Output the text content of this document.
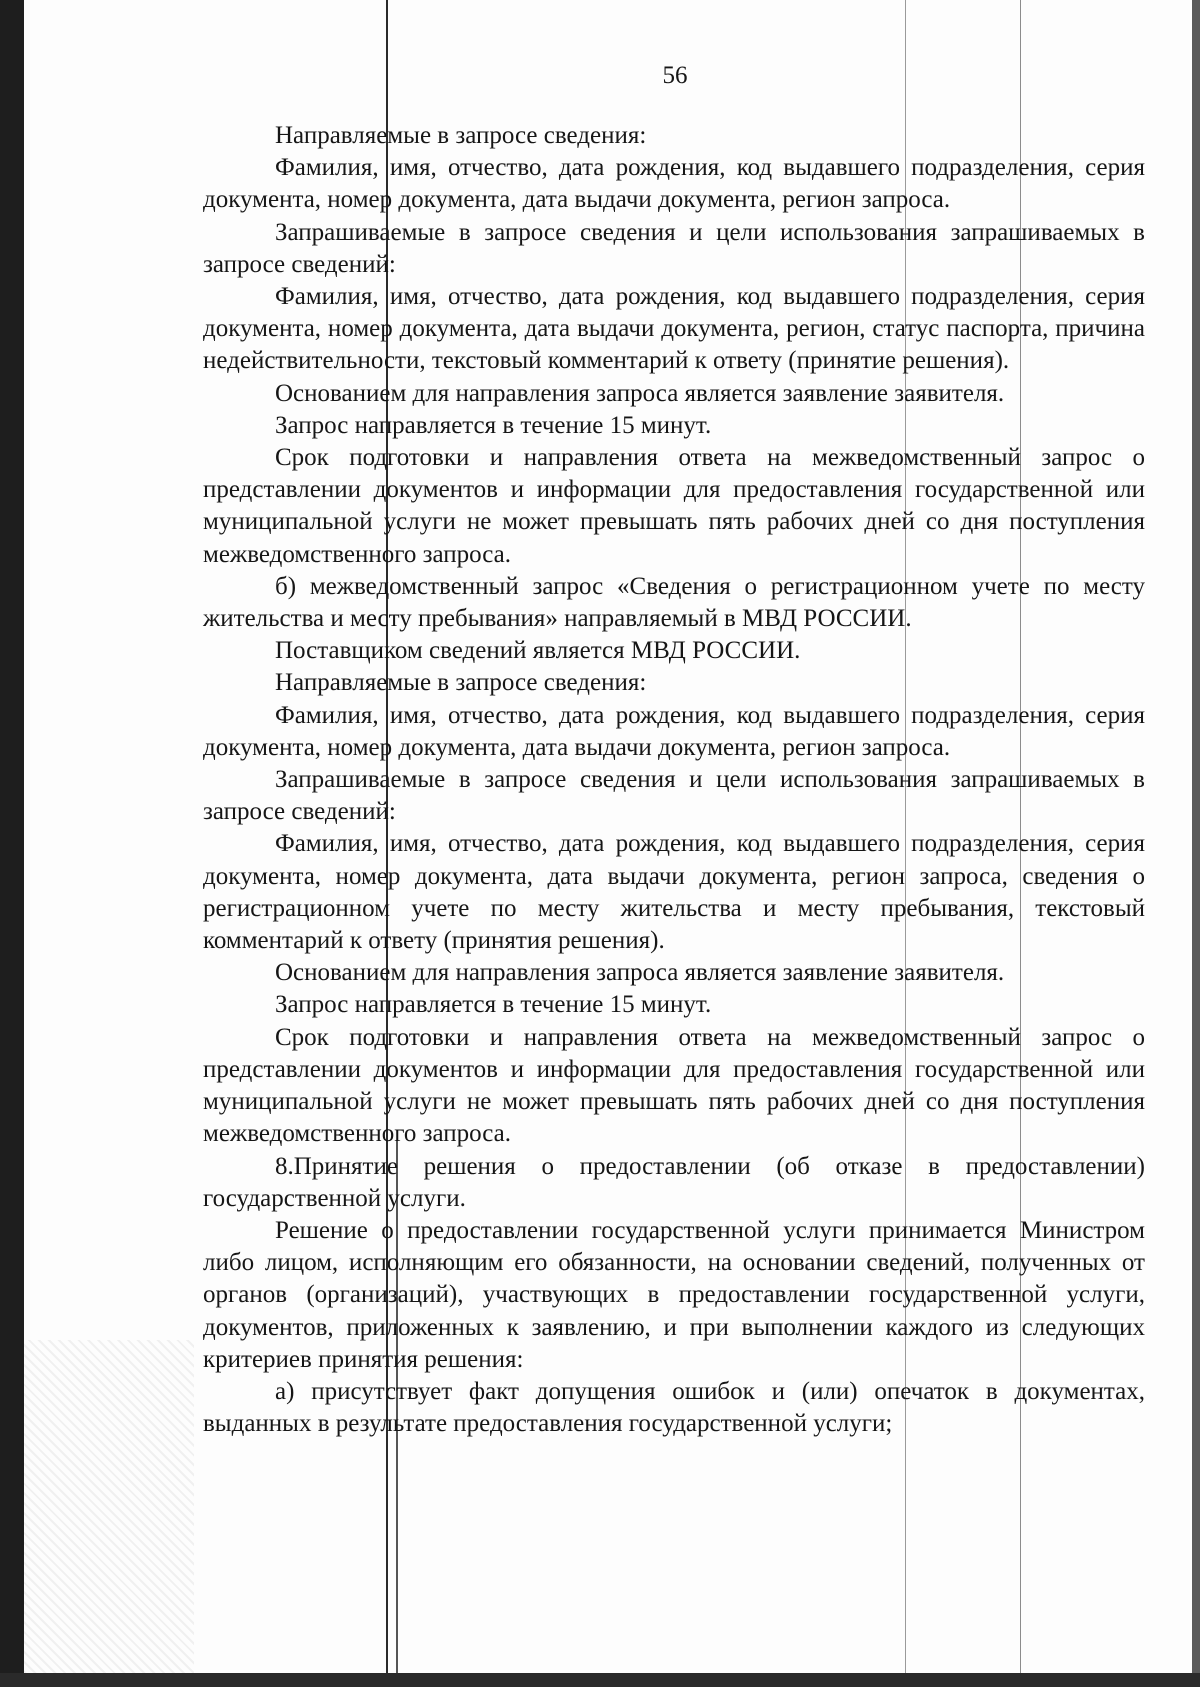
56

Направляемые в запросе сведения:

Фамилия, имя, отчество, дата рождения, код выдавшего подразделения, серия документа, номер документа, дата выдачи документа, регион запроса.

Запрашиваемые в запросе сведения и цели использования запрашиваемых в запросе сведений:

Фамилия, имя, отчество, дата рождения, код выдавшего подразделения, серия документа, номер документа, дата выдачи документа, регион, статус паспорта, причина недействительности, текстовый комментарий к ответу (принятие решения).

Основанием для направления запроса является заявление заявителя.

Запрос направляется в течение 15 минут.

Срок подготовки и направления ответа на межведомственный запрос о представлении документов и информации для предоставления государственной или муниципальной услуги не может превышать пять рабочих дней со дня поступления межведомственного запроса.

б) межведомственный запрос «Сведения о регистрационном учете по месту жительства и месту пребывания» направляемый в МВД РОССИИ.

Поставщиком сведений является МВД РОССИИ.

Направляемые в запросе сведения:

Фамилия, имя, отчество, дата рождения, код выдавшего подразделения, серия документа, номер документа, дата выдачи документа, регион запроса.

Запрашиваемые в запросе сведения и цели использования запрашиваемых в запросе сведений:

Фамилия, имя, отчество, дата рождения, код выдавшего подразделения, серия документа, номер документа, дата выдачи документа, регион запроса, сведения о регистрационном учете по месту жительства и месту пребывания, текстовый комментарий к ответу (принятия решения).

Основанием для направления запроса является заявление заявителя.

Запрос направляется в течение 15 минут.

Срок подготовки и направления ответа на межведомственный запрос о представлении документов и информации для предоставления государственной или муниципальной услуги не может превышать пять рабочих дней со дня поступления межведомственного запроса.

8.Принятие решения о предоставлении (об отказе в предоставлении) государственной услуги.

Решение о предоставлении государственной услуги принимается Министром либо лицом, исполняющим его обязанности, на основании сведений, полученных от органов (организаций), участвующих в предоставлении государственной услуги, документов, приложенных к заявлению, и при выполнении каждого из следующих критериев принятия решения:

а) присутствует факт допущения ошибок и (или) опечаток в документах, выданных в результате предоставления государственной услуги;
